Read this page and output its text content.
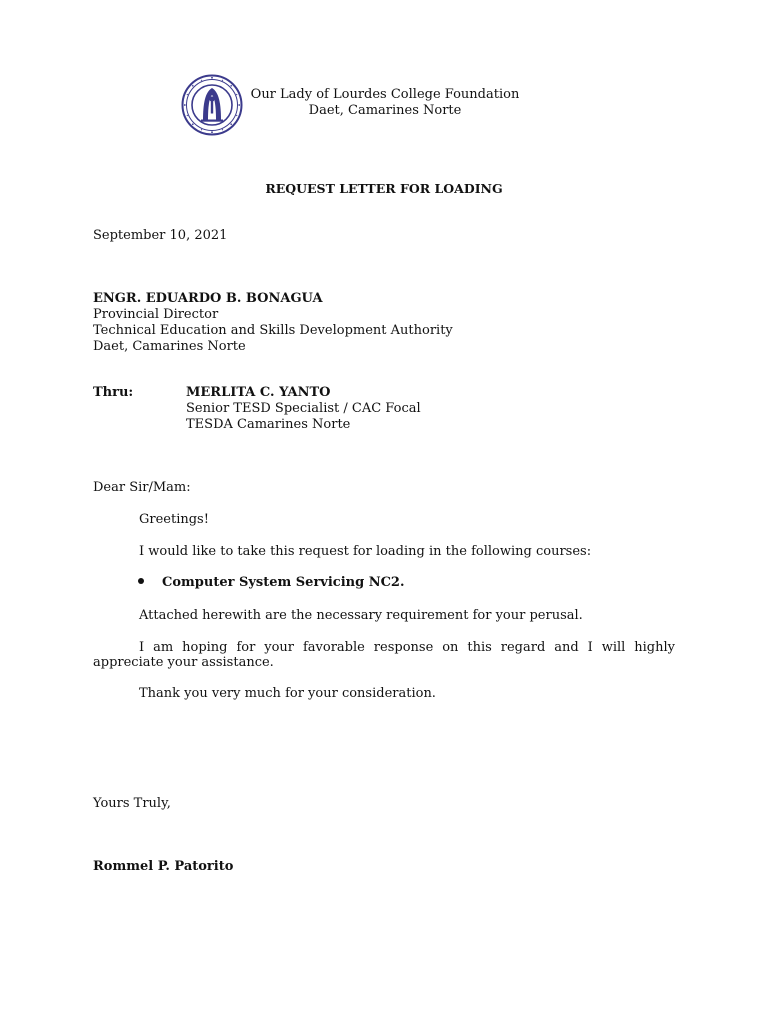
Our Lady of Lourdes College Foundation
Daet, Camarines Norte
REQUEST LETTER FOR LOADING
September 10, 2021
ENGR. EDUARDO B. BONAGUA
Provincial Director
Technical Education and Skills Development Authority
Daet, Camarines Norte
Thru:	MERLITA C. YANTO
Senior TESD Specialist / CAC Focal
TESDA Camarines Norte
Dear Sir/Mam:
Greetings!
I would like to take this request for loading in the following courses:
Computer System Servicing NC2.
Attached herewith are the necessary requirement for your perusal.
I am hoping for your favorable response on this regard and I will highly
appreciate your assistance.
Thank you very much for your consideration.
Yours Truly,
Rommel P. Patorito
